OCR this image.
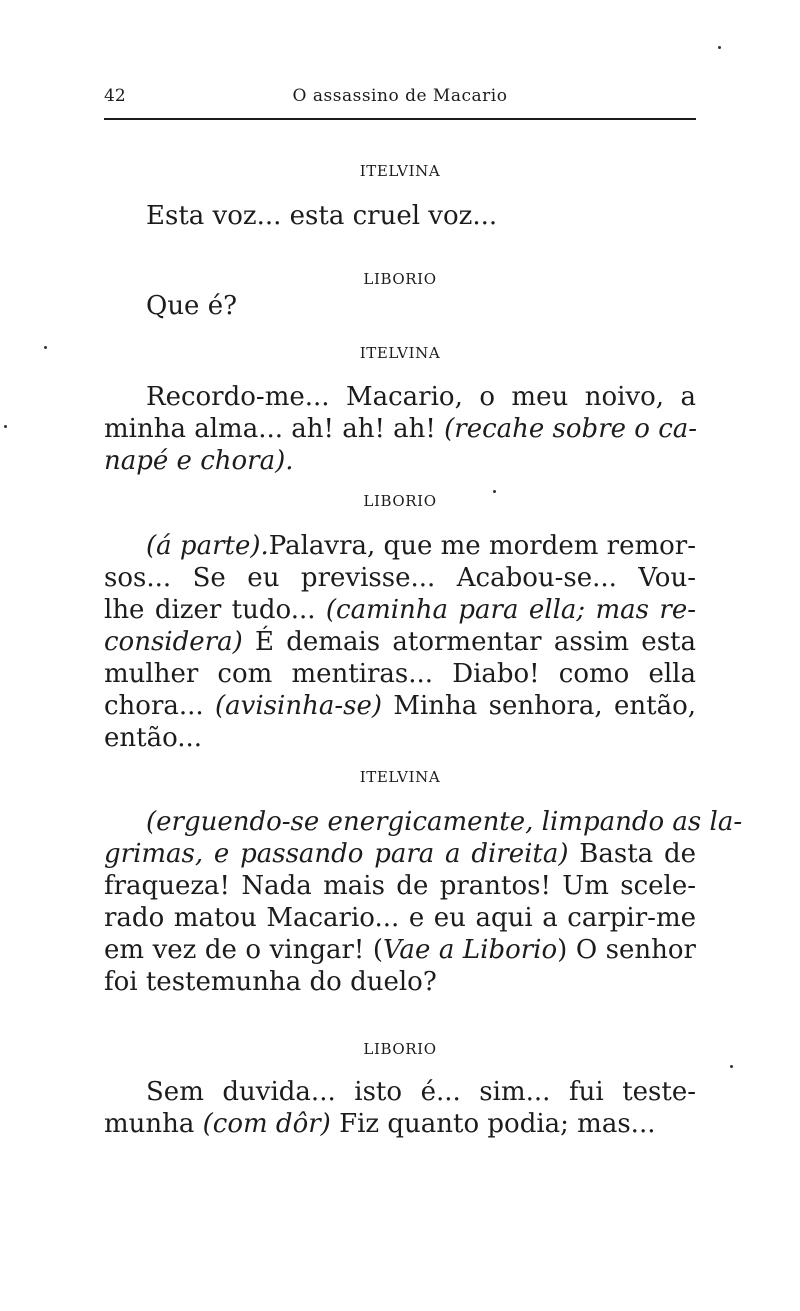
42	O assassino de Macario
ITELVINA
Esta voz... esta cruel voz...
LIBORIO
Que é?
ITELVINA
Recordo-me... Macario, o meu noivo, a
minha alma... ah! ah! ah! (recahe sobre o ca-
napé e chora).
LIBORIO
(á parte).Palavra, que me mordem remor-
sos... Se eu previsse... Acabou-se... Vou-
lhe dizer tudo... (caminha para ella; mas re-
considera) É demais atormentar assim esta
mulher com mentiras... Diabo! como ella
chora... (avisinha-se) Minha senhora, então,
então...
ITELVINA
(erguendo-se energicamente, limpando as la-
grimas, e passando para a direita) Basta de
fraqueza! Nada mais de prantos! Um scele-
rado matou Macario... e eu aqui a carpir-me
em vez de o vingar! (Vae a Liborio) O senhor
foi testemunha do duelo?
LIBORIO
Sem duvida... isto é... sim... fui teste-
munha (com dôr) Fiz quanto podia; mas...
